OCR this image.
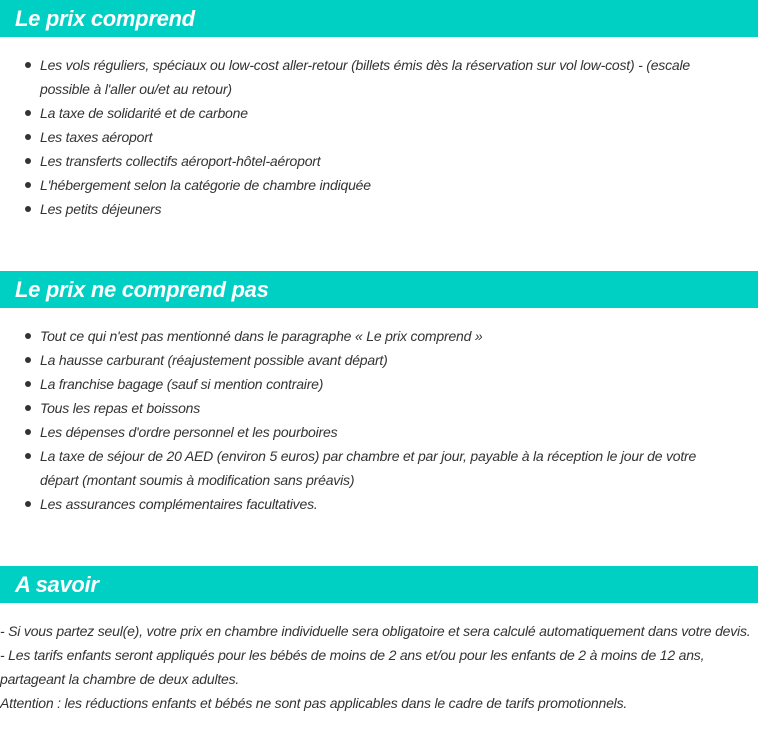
Le prix comprend
Les vols réguliers, spéciaux ou low-cost aller-retour (billets émis dès la réservation sur vol low-cost) - (escale possible à l'aller ou/et au retour)
La taxe de solidarité et de carbone
Les taxes aéroport
Les transferts collectifs aéroport-hôtel-aéroport
L'hébergement selon la catégorie de chambre indiquée
Les petits déjeuners
Le prix ne comprend pas
Tout ce qui n'est pas mentionné dans le paragraphe « Le prix comprend »
La hausse carburant (réajustement possible avant départ)
La franchise bagage (sauf si mention contraire)
Tous les repas et boissons
Les dépenses d'ordre personnel et les pourboires
La taxe de séjour de 20 AED (environ 5 euros) par chambre et par jour, payable à la réception le jour de votre départ (montant soumis à modification sans préavis)
Les assurances complémentaires facultatives.
A savoir
- Si vous partez seul(e), votre prix en chambre individuelle sera obligatoire et sera calculé automatiquement dans votre devis.
- Les tarifs enfants seront appliqués pour les bébés de moins de 2 ans et/ou pour les enfants de 2 à moins de 12 ans, partageant la chambre de deux adultes.
Attention : les réductions enfants et bébés ne sont pas applicables dans le cadre de tarifs promotionnels.
